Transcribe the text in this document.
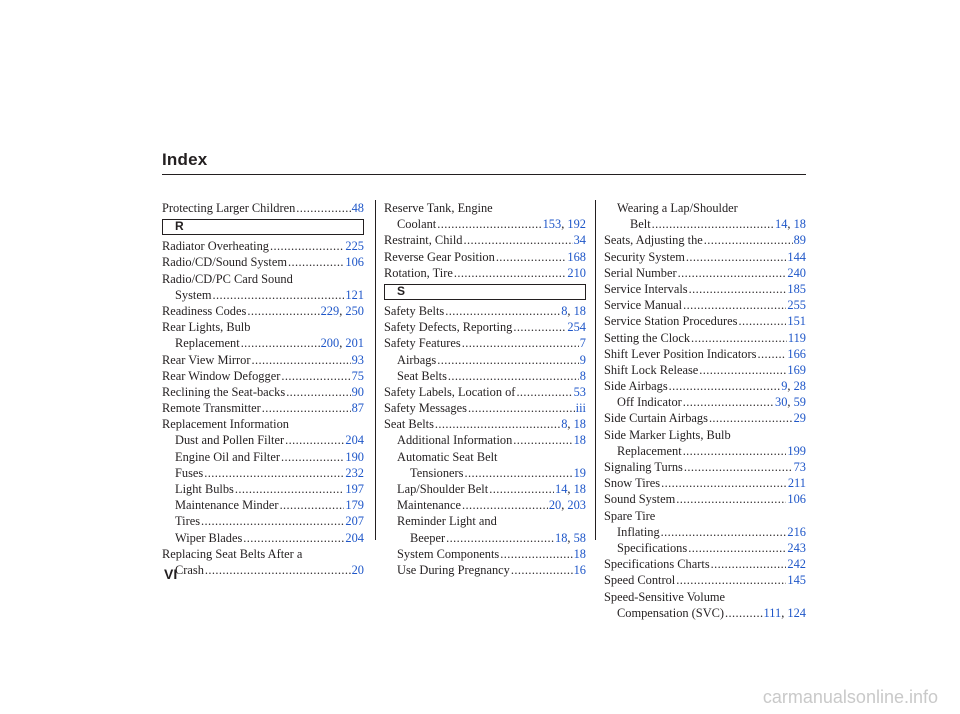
Index
Protecting Larger Children .....	48
R
Radiator Overheating .....	225
Radio/CD/Sound System .....	106
Radio/CD/PC Card Sound
System .....	121
Readiness Codes .....	229, 250
Rear Lights, Bulb
Replacement .....	200, 201
Rear View Mirror .....	93
Rear Window Defogger .....	75
Reclining the Seat-backs .....	90
Remote Transmitter .....	87
Replacement Information
Dust and Pollen Filter .....	204
Engine Oil and Filter .....	190
Fuses .....	232
Light Bulbs .....	197
Maintenance Minder .....	179
Tires .....	207
Wiper Blades .....	204
Replacing Seat Belts After a
Crash .....	20
Reserve Tank, Engine
Coolant .....	153, 192
Restraint, Child .....	34
Reverse Gear Position .....	168
Rotation, Tire .....	210
S
Safety Belts .....	8, 18
Safety Defects, Reporting .....	254
Safety Features .....	7
Airbags .....	9
Seat Belts .....	8
Safety Labels, Location of .....	53
Safety Messages .....	iii
Seat Belts .....	8, 18
Additional Information .....	18
Automatic Seat Belt
Tensioners .....	19
Lap/Shoulder Belt .....	14, 18
Maintenance .....	20, 203
Reminder Light and
Beeper .....	18, 58
System Components .....	18
Use During Pregnancy .....	16
Wearing a Lap/Shoulder
Belt .....	14, 18
Seats, Adjusting the .....	89
Security System .....	144
Serial Number .....	240
Service Intervals .....	185
Service Manual .....	255
Service Station Procedures .....	151
Setting the Clock .....	119
Shift Lever Position Indicators ..... 166
Shift Lock Release .....	169
Side Airbags .....	9, 28
Off Indicator .....	30, 59
Side Curtain Airbags .....	29
Side Marker Lights, Bulb
Replacement .....	199
Signaling Turns .....	73
Snow Tires .....	211
Sound System .....	106
Spare Tire
Inflating .....	216
Specifications .....	243
Specifications Charts .....	242
Speed Control .....	145
Speed-Sensitive Volume
Compensation (SVC) .....	111, 124
VI
carmanualsonline.info
